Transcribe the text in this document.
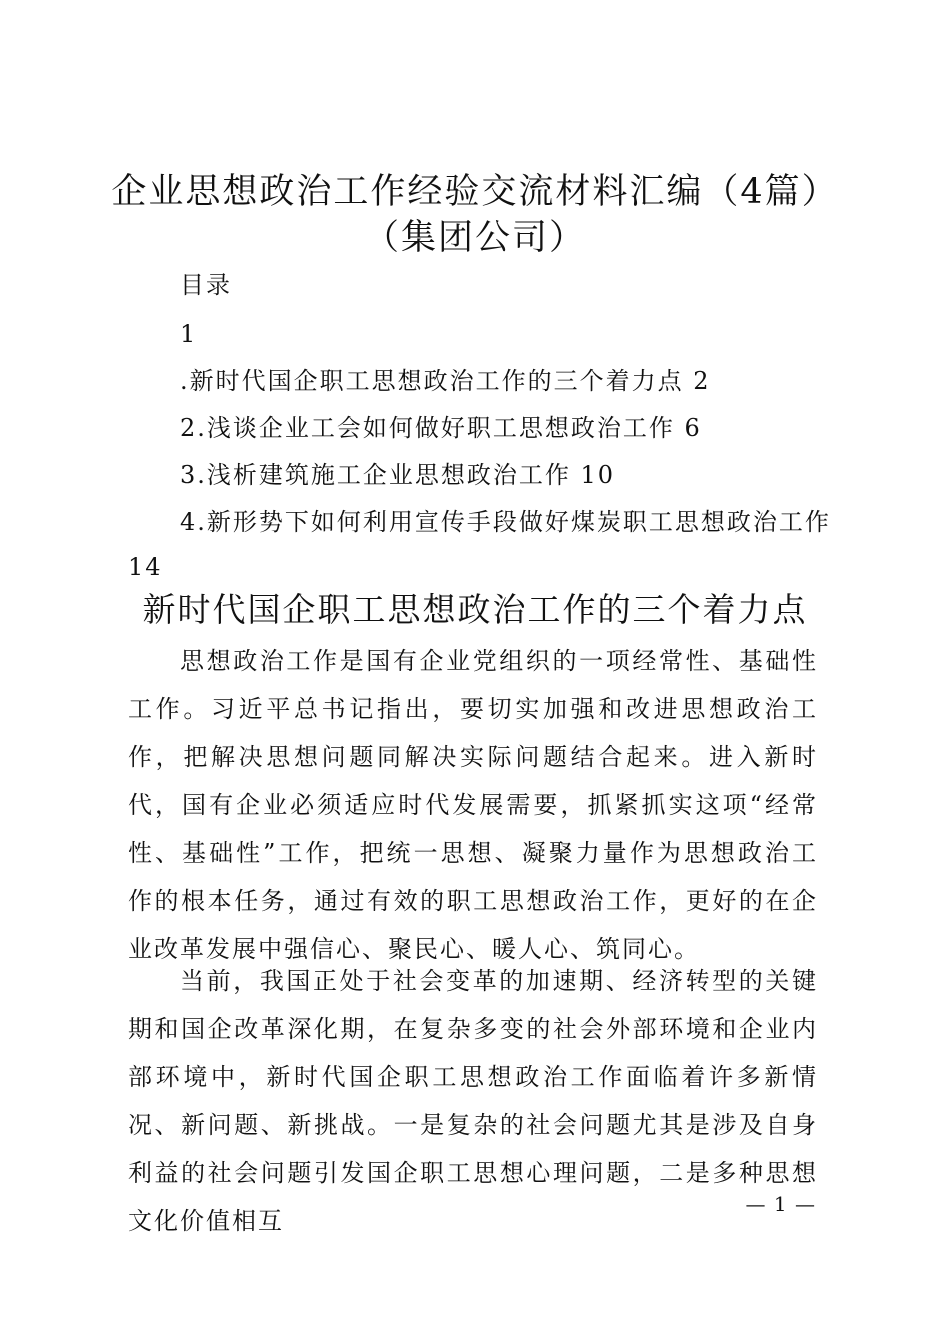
企业思想政治工作经验交流材料汇编（4篇）
（集团公司）
目录
1
.新时代国企职工思想政治工作的三个着力点 2
2.浅谈企业工会如何做好职工思想政治工作 6
3.浅析建筑施工企业思想政治工作 10
4.新形势下如何利用宣传手段做好煤炭职工思想政治工作
14
新时代国企职工思想政治工作的三个着力点

思想政治工作是国有企业党组织的一项经常性、基础性工作。习近平总书记指出，要切实加强和改进思想政治工作，把解决思想问题同解决实际问题结合起来。进入新时代，国有企业必须适应时代发展需要，抓紧抓实这项“经常性、基础性”工作，把统一思想、凝聚力量作为思想政治工作的根本任务，通过有效的职工思想政治工作，更好的在企业改革发展中强信心、聚民心、暖人心、筑同心。

当前，我国正处于社会变革的加速期、经济转型的关键期和国企改革深化期，在复杂多变的社会外部环境和企业内部环境中，新时代国企职工思想政治工作面临着许多新情况、新问题、新挑战。一是复杂的社会问题尤其是涉及自身利益的社会问题引发国企职工思想心理问题，二是多种思想文化价值相互

— 1 —
